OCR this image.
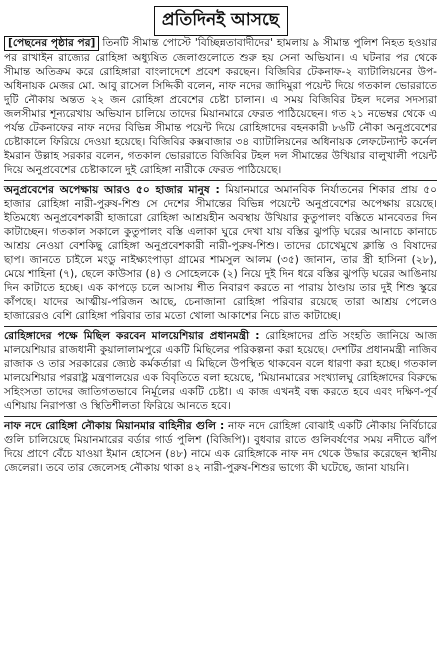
প্রতিদিনই আসছে

[পেছনের পৃষ্ঠার পর] তিনটি সীমান্ত পোস্টে 'বিচ্ছিন্নতাবাদীদের' হামলায় ৯ সীমান্ত পুলিশ নিহত হওয়ার পর রাখাইন রাজ্যের রোহিঙ্গা অধ্যুষিত জেলাগুলোতে শুরু হয় সেনা অভিযান। এ ঘটনার পর থেকে সীমান্ত অতিক্রম করে রোহিঙ্গারা বাংলাদেশে প্রবেশ করছেন। বিজিবির টেকনাফ-২ ব্যাটালিয়নের উপ-অধিনায়ক মেজর মো. আবু রাসেল সিদ্দিকী বলেন, নাফ নদের জাদিমুরা পয়েন্ট দিয়ে গতকাল ভোররাতে দুটি নৌকায় অন্তত ২২ জন রোহিঙ্গা প্রবেশের চেষ্টা চালান। এ সময় বিজিবির টহল দলের সদস্যরা জলসীমার শূন্যরেখায় অভিযান চালিয়ে তাদের মিয়ানমারে ফেরত পাঠিয়েছেন। গত ২১ নভেম্বর থেকে এ পর্যন্ত টেকনাফের নাফ নদের বিভিন্ন সীমান্ত পয়েন্ট দিয়ে রোহিঙ্গাদের বহনকারী ৮৬টি নৌকা অনুপ্রবেশের চেষ্টাকালে ফিরিয়ে দেওয়া হয়েছে। বিজিবির কক্সবাজার ৩৪ ব্যাটালিয়নের অধিনায়ক লেফটেন্যান্ট কর্নেল ইমরান উল্লাহ সরকার বলেন, গতকাল ভোররাতে বিজিবির টহল দল সীমান্তের উখিয়ার বালুখালী পয়েন্ট দিয়ে অনুপ্রবেশের চেষ্টাকালে দুই রোহিঙ্গা নারীকে ফেরত পাঠিয়েছে।

অনুপ্রবেশের অপেক্ষায় আরও ৫০ হাজার মানুষ : মিয়ানমারে অমানবিক নির্যাতনের শিকার প্রায় ৫০ হাজার রোহিঙ্গা নারী-পুরুষ-শিশু সে দেশের সীমান্তের বিভিন্ন পয়েন্টে অনুপ্রবেশের অপেক্ষায় রয়েছে। ইতিমধ্যে অনুপ্রবেশকারী হাজারো রোহিঙ্গা আশ্রয়হীন অবস্থায় উখিয়ার কুতুপালং বস্তিতে মানবেতর দিন কাটাচ্ছেন। গতকাল সকালে কুতুপালং বস্তি এলাকা ঘুরে দেখা যায় বস্তির ঝুপড়ি ঘরের আনাচে কানাচে আশ্রয় নেওয়া বেশকিছু রোহিঙ্গা অনুপ্রবেশকারী নারী-পুরুষ-শিশু। তাদের চোখেমুখে ক্লান্তি ও বিষাদের ছাপ। জানতে চাইলে মংডু নাইক্ষ্যংপাড়া গ্রামের শামসুল আলম (৩৫) জানান, তার স্ত্রী হাসিনা (২৮), মেয়ে শাহিনা (৭), ছেলে কাউসার (৪) ও সোহেলকে (২) নিয়ে দুই দিন ধরে বস্তির ঝুপড়ি ঘরের আঙিনায় দিন কাটাতে হচ্ছে। এক কাপড়ে চলে আসায় শীত নিবারণ করতে না পারায় ঠাণ্ডায় তার দুই শিশু স্কুরে কাঁপছে। যাদের আত্মীয়-পরিজন আছে, চেনাজানা রোহিঙ্গা পরিবার রয়েছে তারা আশ্রয় পেলেও হাজারেরও বেশি রোহিঙ্গা পরিবার তার মতো খোলা আকাশের নিচে রাত কাটাচ্ছে।

রোহিঙ্গাদের পক্ষে মিছিল করবেন মালয়েশিয়ার প্রধানমন্ত্রী : রোহিঙ্গাদের প্রতি সংহতি জানিয়ে আজ মালয়েশিয়ার রাজধানী কুয়ালালামপুরে একটি মিছিলের পরিকল্পনা করা হয়েছে। দেশটির প্রধানমন্ত্রী নাজিব রাজাক ও তার সরকারের জ্যেষ্ঠ কর্মকর্তারা এ মিছিলে উপস্থিত থাকবেন বলে ধারণা করা হচ্ছে। গতকাল মালয়েশিয়ার পররাষ্ট্র মন্ত্রণালয়ের এক বিবৃতিতে বলা হয়েছে, 'মিয়ানমারের সংখ্যালঘু রোহিঙ্গাদের বিরুদ্ধে সহিংসতা তাদের জাতিগতভাবে নির্মূলের একটি চেষ্টা। এ কাজ এখনই বন্ধ করতে হবে এবং দক্ষিণ-পূর্ব এশিয়ায় নিরাপত্তা ও স্থিতিশীলতা ফিরিয়ে আনতে হবে।

নাফ নদে রোহিঙ্গা নৌকায় মিয়ানমার বাহিনীর গুলি : নাফ নদে রোহিঙ্গা বোঝাই একটি নৌকায় নির্বিচারে গুলি চালিয়েছে মিয়ানমারের বর্ডার গার্ড পুলিশ (বিজিপি)। বুধবার রাতে গুলিবর্ষণের সময় নদীতে ঝাঁপ দিয়ে প্রাণে বেঁচে যাওয়া ইমান হোসেন (৪৮) নামে এক রোহিঙ্গাকে নাফ নদ থেকে উদ্ধার করেছেন স্থানীয় জেলেরা। তবে তার জেলেসহ নৌকায় থাকা ৪২ নারী-পুরুষ-শিশুর ভাগ্যে কী ঘটেছে, জানা যায়নি।
